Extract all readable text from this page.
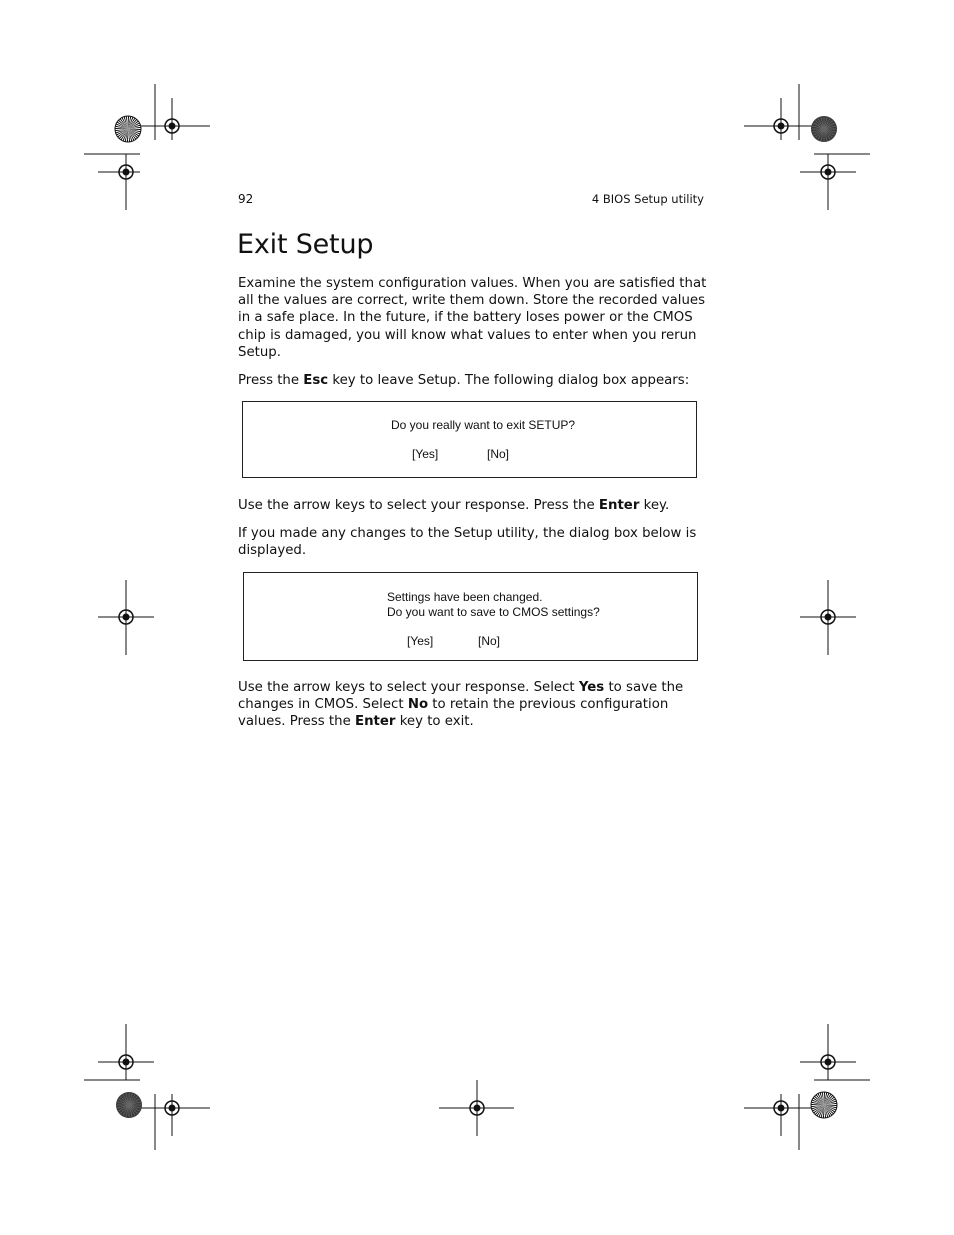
92	4 BIOS Setup utility
Exit Setup

Examine the system configuration values. When you are satisfied that all the values are correct, write them down. Store the recorded values in a safe place. In the future, if the battery loses power or the CMOS chip is damaged, you will know what values to enter when you rerun Setup.

Press the Esc key to leave Setup. The following dialog box appears:

Do you really want to exit SETUP?
[Yes]	[No]

Use the arrow keys to select your response. Press the Enter key.

If you made any changes to the Setup utility, the dialog box below is displayed.

Settings have been changed.
Do you want to save to CMOS settings?
[Yes]	[No]

Use the arrow keys to select your response. Select Yes to save the changes in CMOS. Select No to retain the previous configuration values. Press the Enter key to exit.
